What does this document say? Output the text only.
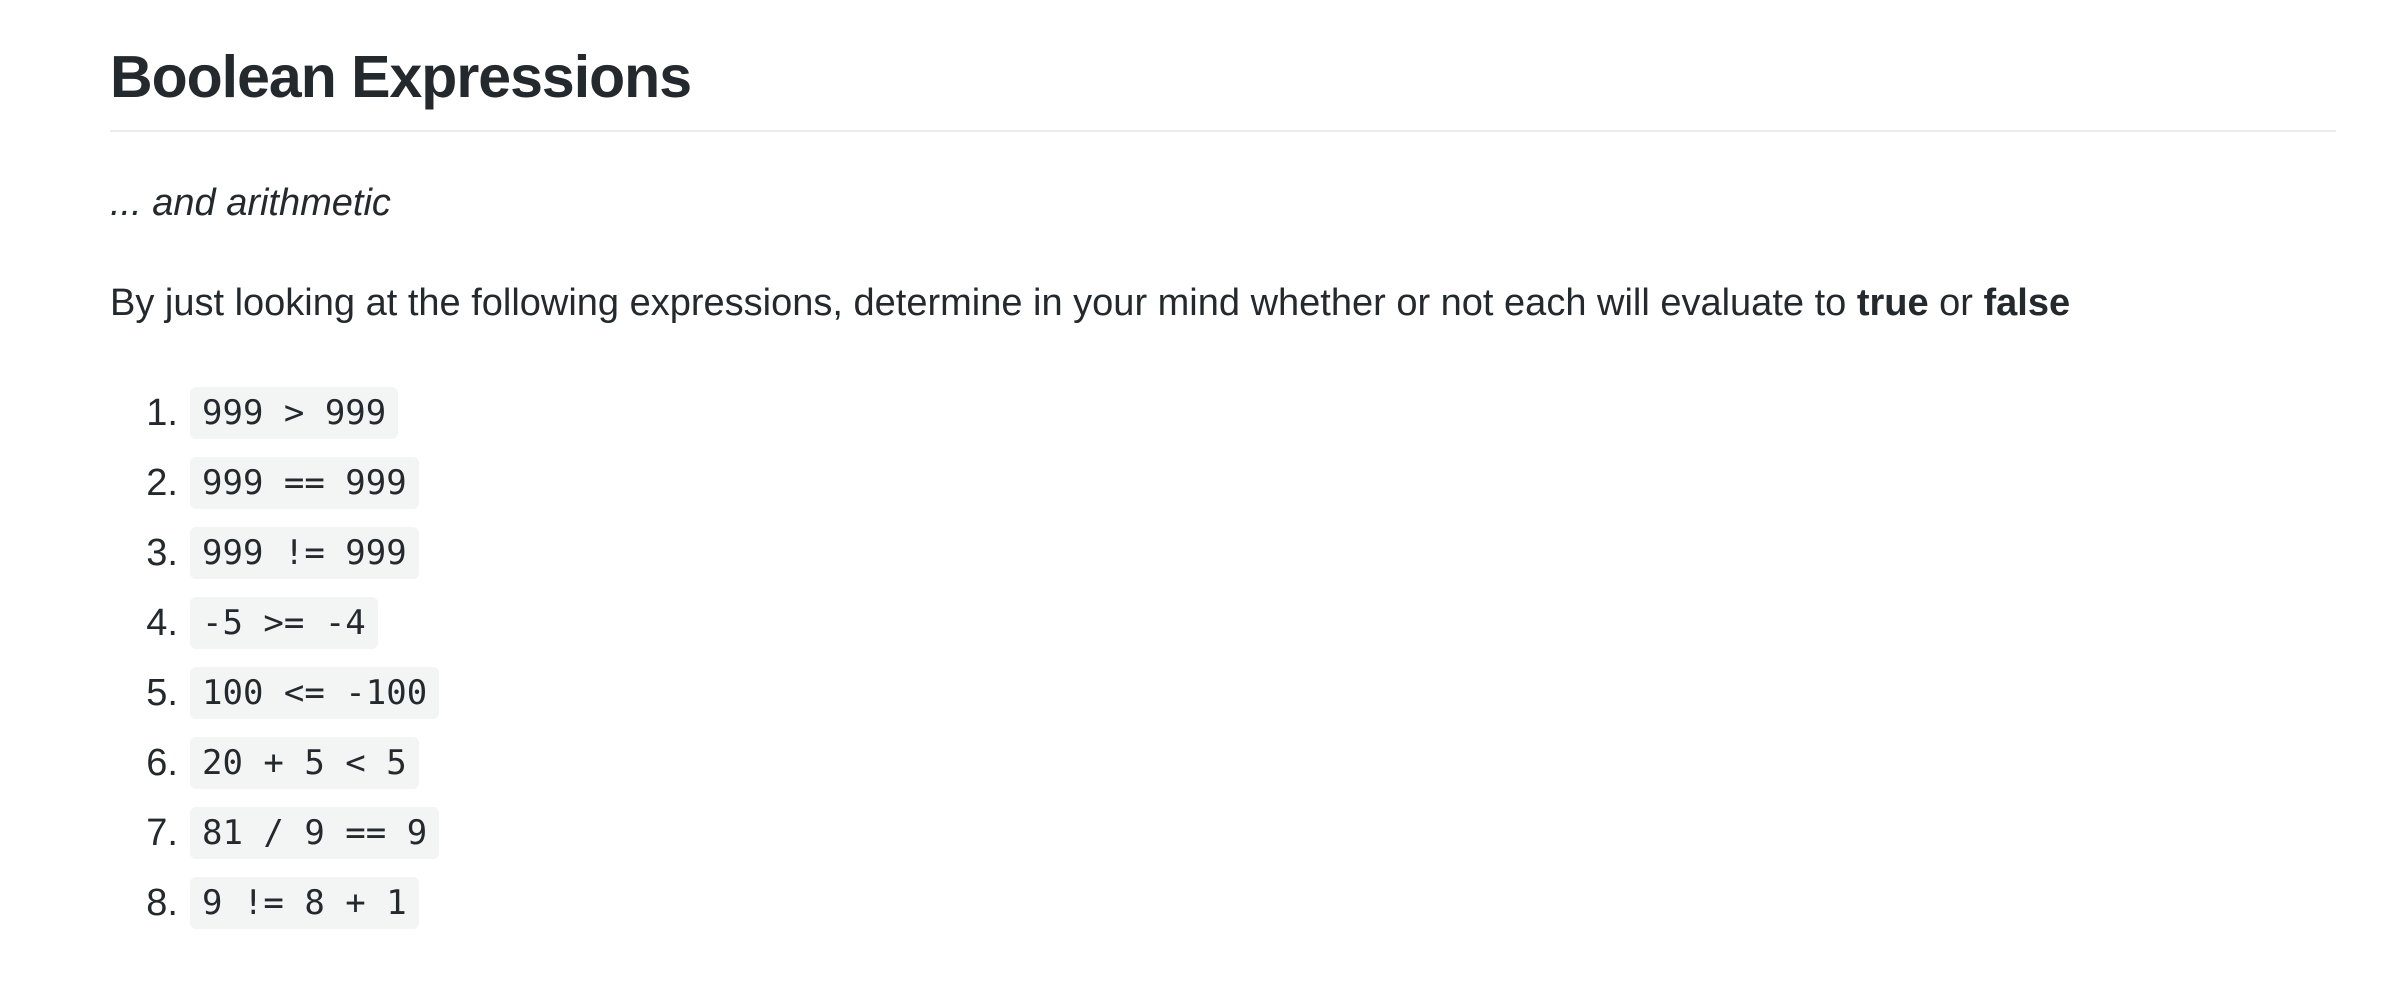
Boolean Expressions

... and arithmetic

By just looking at the following expressions, determine in your mind whether or not each will evaluate to true or false

1. 999 > 999
2. 999 == 999
3. 999 != 999
4. -5 >= -4
5. 100 <= -100
6. 20 + 5 < 5
7. 81 / 9 == 9
8. 9 != 8 + 1
